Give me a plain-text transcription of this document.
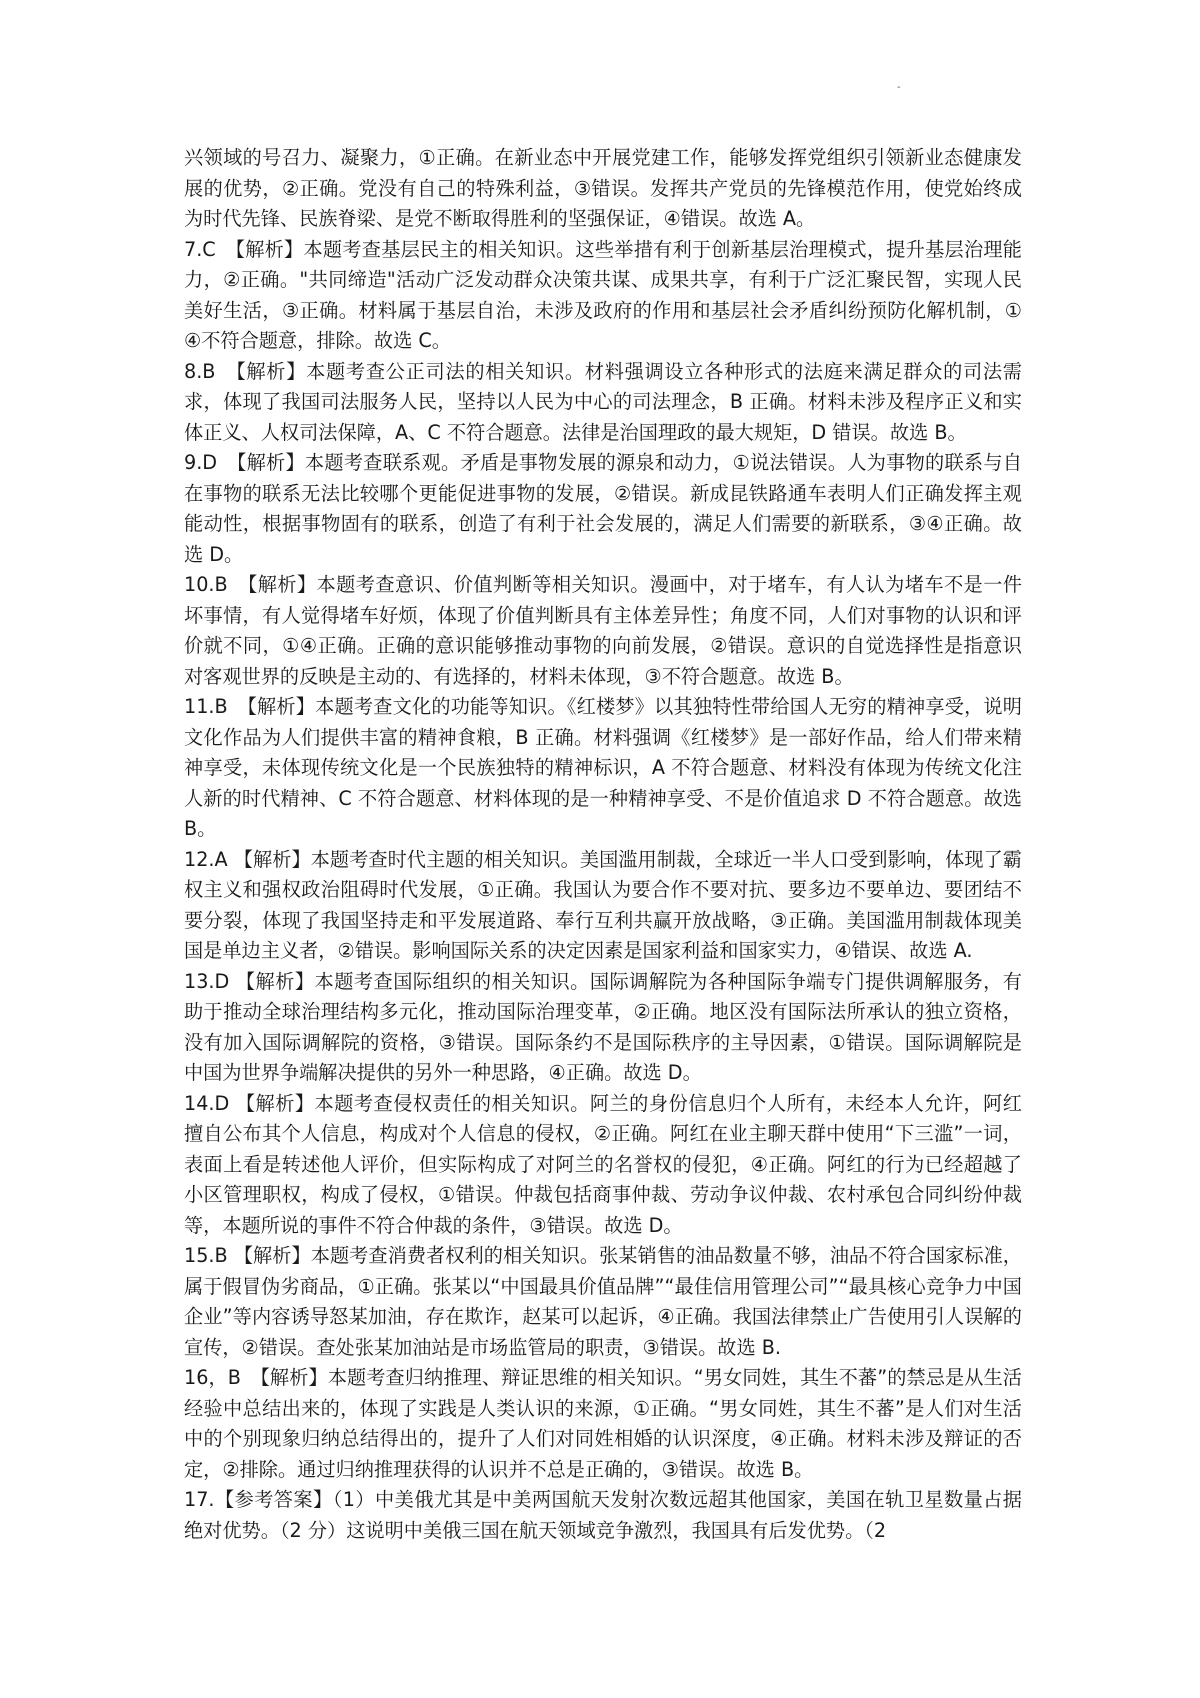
-

兴领域的号召力、凝聚力，①正确。在新业态中开展党建工作，能够发挥党组织引领新业态健康发展的优势，②正确。党没有自己的特殊利益，③错误。发挥共产党员的先锋模范作用，使党始终成为时代先锋、民族脊梁、是党不断取得胜利的坚强保证，④错误。故选 A。

7.C　【解析】本题考查基层民主的相关知识。这些举措有利于创新基层治理模式，提升基层治理能力，②正确。"共同缔造"活动广泛发动群众决策共谋、成果共享，有利于广泛汇聚民智，实现人民美好生活，③正确。材料属于基层自治，未涉及政府的作用和基层社会矛盾纠纷预防化解机制，①④不符合题意，排除。故选 C。

8.B　【解析】本题考查公正司法的相关知识。材料强调设立各种形式的法庭来满足群众的司法需求，体现了我国司法服务人民，坚持以人民为中心的司法理念，B 正确。材料未涉及程序正义和实体正义、人权司法保障，A、C 不符合题意。法律是治国理政的最大规矩，D 错误。故选 B。

9.D　【解析】本题考查联系观。矛盾是事物发展的源泉和动力，①说法错误。人为事物的联系与自在事物的联系无法比较哪个更能促进事物的发展，②错误。新成昆铁路通车表明人们正确发挥主观能动性，根据事物固有的联系，创造了有利于社会发展的，满足人们需要的新联系，③④正确。故选 D。

10.B　【解析】本题考查意识、价值判断等相关知识。漫画中，对于堵车，有人认为堵车不是一件坏事情，有人觉得堵车好烦，体现了价值判断具有主体差异性；角度不同，人们对事物的认识和评价就不同，①④正确。正确的意识能够推动事物的向前发展，②错误。意识的自觉选择性是指意识对客观世界的反映是主动的、有选择的，材料未体现，③不符合题意。故选 B。

11.B　【解析】本题考查文化的功能等知识。《红楼梦》以其独特性带给国人无穷的精神享受，说明文化作品为人们提供丰富的精神食粮，B 正确。材料强调《红楼梦》是一部好作品，给人们带来精神享受，未体现传统文化是一个民族独特的精神标识，A 不符合题意、材料没有体现为传统文化注人新的时代精神、C 不符合题意、材料体现的是一种精神享受、不是价值追求 D 不符合题意。故选 B。

12.A 【解析】本题考查时代主题的相关知识。美国滥用制裁，全球近一半人口受到影响，体现了霸权主义和强权政治阻碍时代发展，①正确。我国认为要合作不要对抗、要多边不要单边、要团结不要分裂，体现了我国坚持走和平发展道路、奉行互利共赢开放战略，③正确。美国滥用制裁体现美国是单边主义者，②错误。影响国际关系的决定因素是国家利益和国家实力，④错误、故选 A.

13.D 【解析】本题考查国际组织的相关知识。国际调解院为各种国际争端专门提供调解服务，有助于推动全球治理结构多元化，推动国际治理变革，②正确。地区没有国际法所承认的独立资格，没有加入国际调解院的资格，③错误。国际条约不是国际秩序的主导因素，①错误。国际调解院是中国为世界争端解决提供的另外一种思路，④正确。故选 D。

14.D 【解析】本题考查侵权责任的相关知识。阿兰的身份信息归个人所有，未经本人允许，阿红擅自公布其个人信息，构成对个人信息的侵权，②正确。阿红在业主聊天群中使用“下三滥”一词，表面上看是转述他人评价，但实际构成了对阿兰的名誉权的侵犯，④正确。阿红的行为已经超越了小区管理职权，构成了侵权，①错误。仲裁包括商事仲裁、劳动争议仲裁、农村承包合同纠纷仲裁等，本题所说的事件不符合仲裁的条件，③错误。故选 D。

15.B 【解析】本题考查消费者权利的相关知识。张某销售的油品数量不够，油品不符合国家标准，属于假冒伪劣商品，①正确。张某以“中国最具价值品牌”“最佳信用管理公司”“最具核心竞争力中国企业”等内容诱导怒某加油，存在欺诈，赵某可以起诉，④正确。我国法律禁止广告使用引人误解的宣传，②错误。查处张某加油站是市场监管局的职责，③错误。故选 B.

16，B　【解析】本题考查归纳推理、辩证思维的相关知识。“男女同姓，其生不蕃”的禁忌是从生活经验中总结出来的，体现了实践是人类认识的来源，①正确。“男女同姓，其生不蕃”是人们对生活中的个别现象归纳总结得出的，提升了人们对同姓相婚的认识深度，④正确。材料未涉及辩证的否定，②排除。通过归纳推理获得的认识并不总是正确的，③错误。故选 B。

17.【参考答案】（1）中美俄尤其是中美两国航天发射次数远超其他国家，美国在轨卫星数量占据绝对优势。（2 分）这说明中美俄三国在航天领域竞争激烈，我国具有后发优势。（2
